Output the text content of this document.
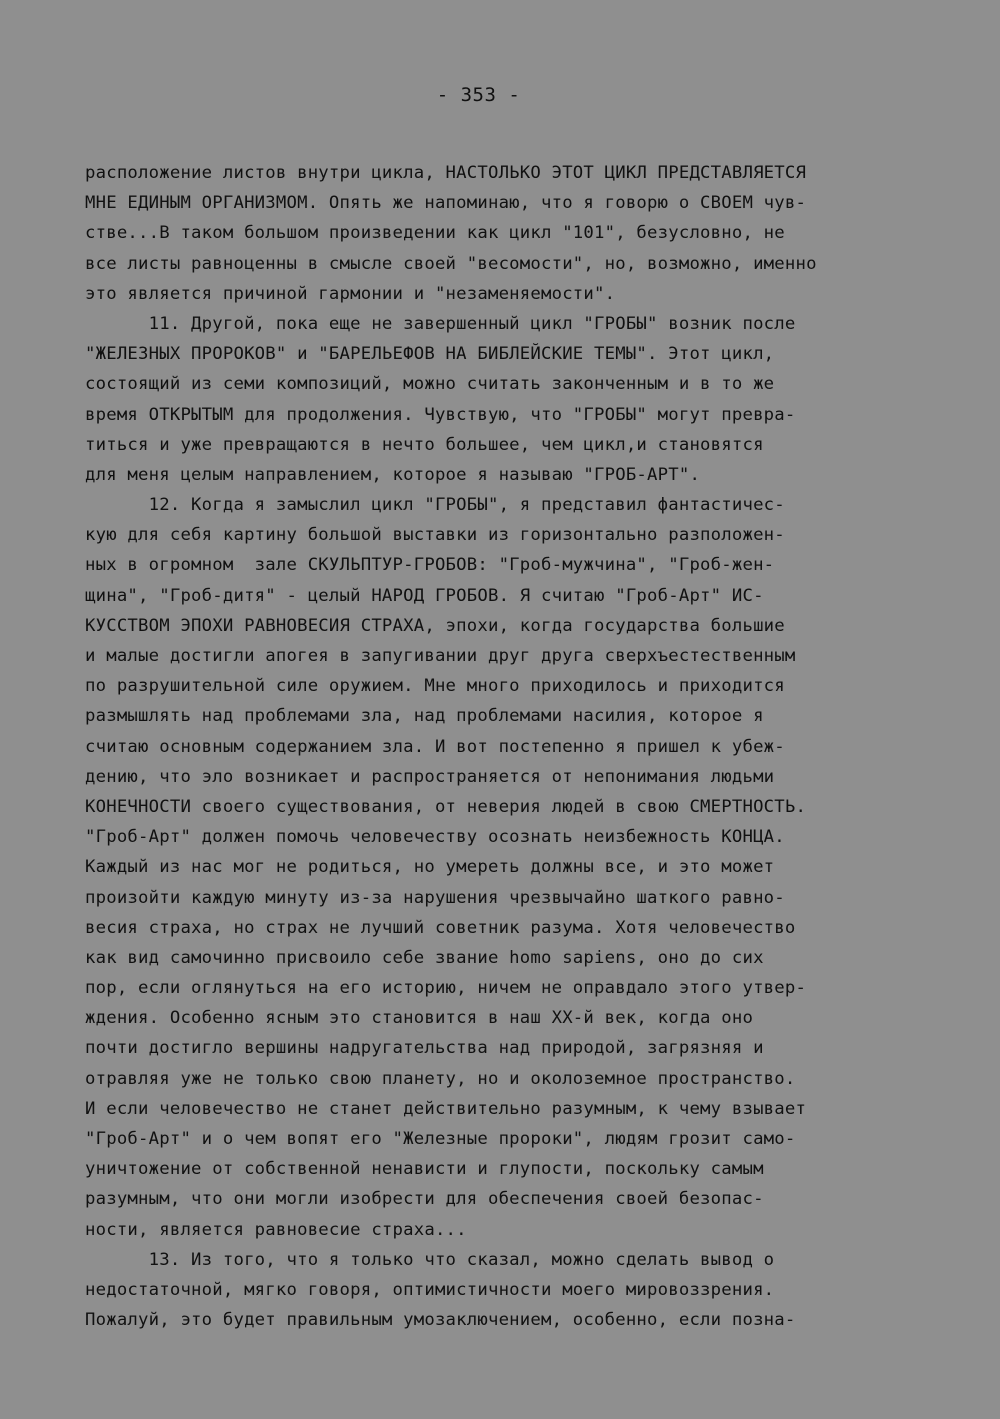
- 353 -
расположение листов внутри цикла, НАСТОЛЬКО ЭТОТ ЦИКЛ ПРЕДСТАВЛЯЕТСЯ
МНЕ ЕДИНЫМ ОРГАНИЗМОМ. Опять же напоминаю, что я говорю о СВОЕМ чув-
стве...В таком большом произведении как цикл "101", безусловно, не
все листы равноценны в смысле своей "весомости", но, возможно, именно
это является причиной гармонии и "незаменяемости".
11. Другой, пока еще не завершенный цикл "ГРОБЫ" возник после
"ЖЕЛЕЗНЫХ ПРОРОКОВ" и "БАРЕЛЬЕФОВ НА БИБЛЕЙСКИЕ ТЕМЫ". Этот цикл,
состоящий из семи композиций, можно считать законченным и в то же
время ОТКРЫТЫМ для продолжения. Чувствую, что "ГРОБЫ" могут превра-
титься и уже превращаются в нечто большее, чем цикл,и становятся
для меня целым направлением, которое я называю "ГРОБ-АРТ".
12. Когда я замыслил цикл "ГРОБЫ", я представил фантастичес-
кую для себя картину большой выставки из горизонтально разположен-
ных в огромном  зале СКУЛЬПТУР-ГРОБОВ: "Гроб-мужчина", "Гроб-жен-
щина", "Гроб-дитя" - целый НАРОД ГРОБОВ. Я считаю "Гроб-Арт" ИС-
КУССТВОМ ЭПОХИ РАВНОВЕСИЯ СТРАХА, эпохи, когда государства большие
и малые достигли апогея в запугивании друг друга сверхъестественным
по разрушительной силе оружием. Мне много приходилось и приходится
размышлять над проблемами зла, над проблемами насилия, которое я
считаю основным содержанием зла. И вот постепенно я пришел к убеж-
дению, что эло возникает и распространяется от непонимания людьми
КОНЕЧНОСТИ своего существования, от неверия людей в свою СМЕРТНОСТЬ.
"Гроб-Арт" должен помочь человечеству осознать неизбежность КОНЦА.
Каждый из нас мог не родиться, но умереть должны все, и это может
произойти каждую минуту из-за нарушения чрезвычайно шаткого равно-
весия страха, но страх не лучший советник разума. Хотя человечество
как вид самочинно присвоило себе звание homo sapiens, оно до сих
пор, если оглянуться на его историю, ничем не оправдало этого утвер-
ждения. Особенно ясным это становится в наш XX-й век, когда оно
почти достигло вершины надругательства над природой, загрязняя и
отравляя уже не только свою планету, но и околоземное пространство.
И если человечество не станет действительно разумным, к чему взывает
"Гроб-Арт" и о чем вопят его "Железные пророки", людям грозит само-
уничтожение от собственной ненависти и глупости, поскольку самым
разумным, что они могли изобрести для обеспечения своей безопас-
ности, является равновесие страха...
13. Из того, что я только что сказал, можно сделать вывод о
недостаточной, мягко говоря, оптимистичности моего мировоззрения.
Пожалуй, это будет правильным умозаключением, особенно, если позна-
